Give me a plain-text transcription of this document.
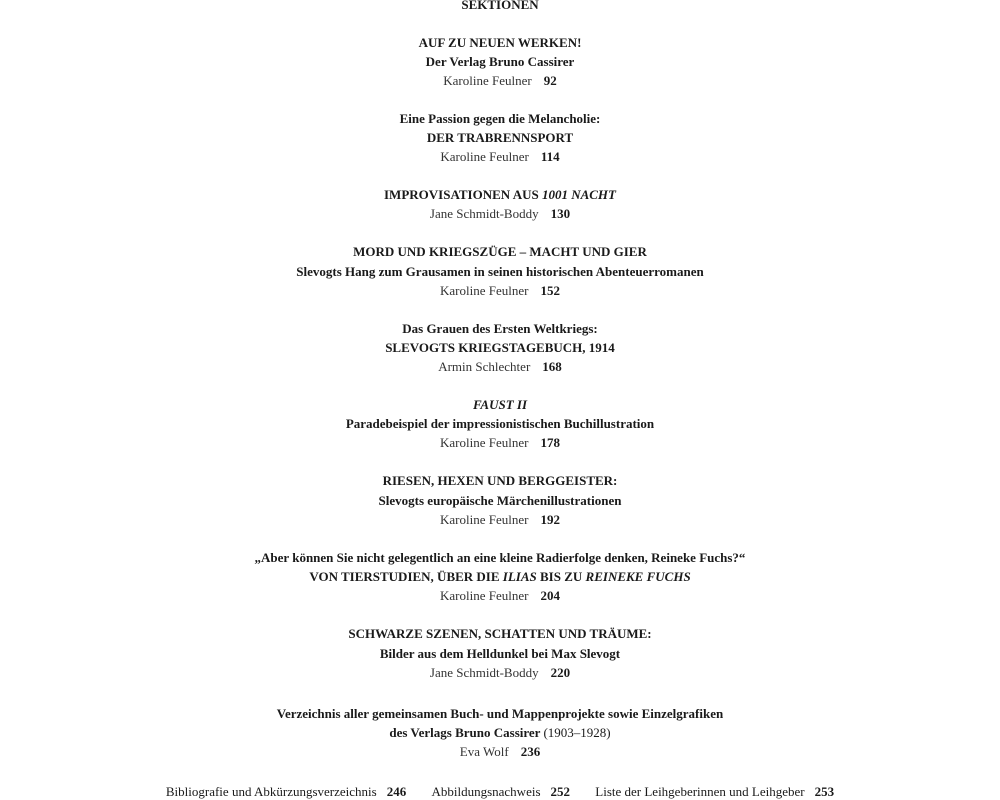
SEKTIONEN
AUF ZU NEUEN WERKEN!
Der Verlag Bruno Cassirer
Karoline Feulner 92
Eine Passion gegen die Melancholie:
DER TRABRENNSPORT
Karoline Feulner 114
IMPROVISATIONEN AUS 1001 NACHT
Jane Schmidt-Boddy 130
MORD UND KRIEGSZÜGE – MACHT UND GIER
Slevogts Hang zum Grausamen in seinen historischen Abenteuerromanen
Karoline Feulner 152
Das Grauen des Ersten Weltkriegs:
SLEVOGTS KRIEGSTAGEBUCH, 1914
Armin Schlechter 168
FAUST II
Paradebeispiel der impressionistischen Buchillustration
Karoline Feulner 178
RIESEN, HEXEN UND BERGGEISTER:
Slevogts europäische Märchenillustrationen
Karoline Feulner 192
„Aber können Sie nicht gelegentlich an eine kleine Radierfolge denken, Reineke Fuchs?“
VON TIERSTUDIEN, ÜBER DIE ILIAS BIS ZU REINEKE FUCHS
Karoline Feulner 204
SCHWARZE SZENEN, SCHATTEN UND TRÄUME:
Bilder aus dem Helldunkel bei Max Slevogt
Jane Schmidt-Boddy 220
Verzeichnis aller gemeinsamen Buch- und Mappenprojekte sowie Einzelgrafiken
des Verlags Bruno Cassirer (1903–1928)
Eva Wolf 236
Bibliografie und Abkürzungsverzeichnis 246 Abbildungsnachweis 252 Liste der Leihgeberinnen und Leihgeber 253
